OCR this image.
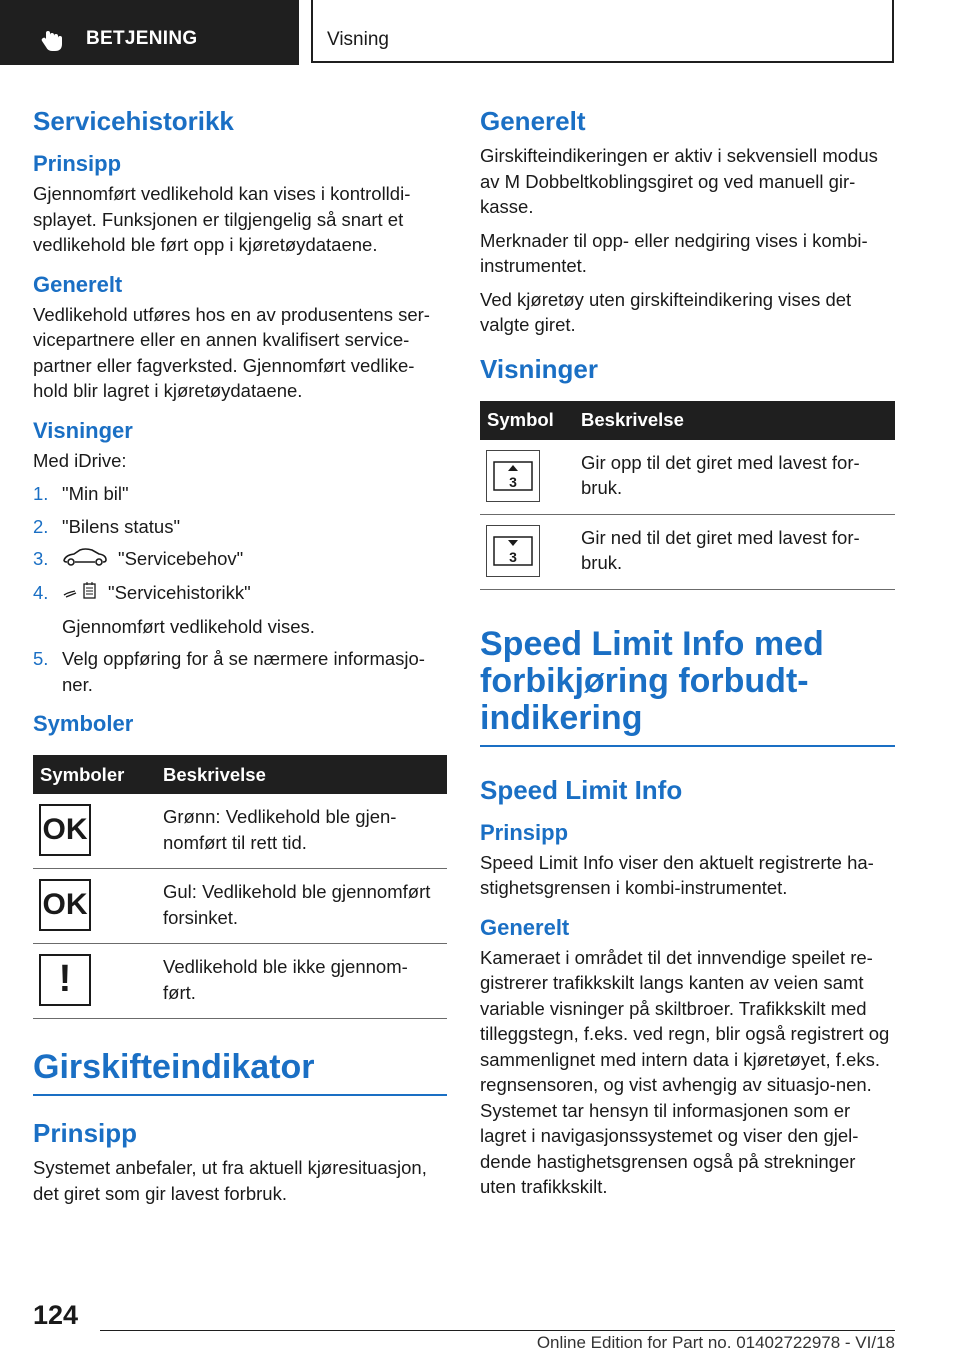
BETJENING	Visning
Servicehistorikk
Prinsipp

Gjennomført vedlikehold kan vises i kontrolldi-splayet. Funksjonen er tilgjengelig så snart et vedlikehold ble ført opp i kjøretøydataene.

Generelt

Vedlikehold utføres hos en av produsentens ser-vicepartnere eller en annen kvalifisert service-partner eller fagverksted. Gjennomført vedlike-hold blir lagret i kjøretøydataene.

Visninger

Med iDrive:

1. "Min bil"
2. "Bilens status"
3.	"Servicebehov"
4.	"Servicehistorikk"
Gjennomført vedlikehold vises.
5. Velg oppføring for å se nærmere informasjo-ner.
Symboler
Symboler	Beskrivelse

OK	Grønn: Vedlikehold ble gjen-nomført til rett tid.

OK	Gul: Vedlikehold ble gjennomført forsinket.

!	Vedlikehold ble ikke gjennom-ført.
Girskifteindikator
Prinsipp

Systemet anbefaler, ut fra aktuell kjøresituasjon, det giret som gir lavest forbruk.

Generelt

Girskifteindikeringen er aktiv i sekvensiell modus av M Dobbeltkoblingsgiret og ved manuell gir-kasse.

Merknader til opp- eller nedgiring vises i kombi-instrumentet.

Ved kjøretøy uten girskifteindikering vises det valgte giret.

Visninger
Symbol	Beskrivelse

3	Gir opp til det giret med lavest for-bruk.

3	Gir ned til det giret med lavest for-bruk.
Speed Limit Info med forbikjøring forbudt-indikering
Speed Limit Info
Prinsipp

Speed Limit Info viser den aktuelt registrerte ha-stighetsgrensen i kombi-instrumentet.

Generelt

Kameraet i området til det innvendige speilet re-gistrerer trafikkskilt langs kanten av veien samt variable visninger på skiltbroer. Trafikkskilt med tilleggstegn, f.eks. ved regn, blir også registrert og sammenlignet med intern data i kjøretøyet, f.eks. regnsensoren, og vist avhengig av situasjo-nen. Systemet tar hensyn til informasjonen som er lagret i navigasjonssystemet og viser den gjel-dende hastighetsgrensen også på strekninger uten trafikkskilt.

124
Online Edition for Part no. 01402722978 - VI/18
